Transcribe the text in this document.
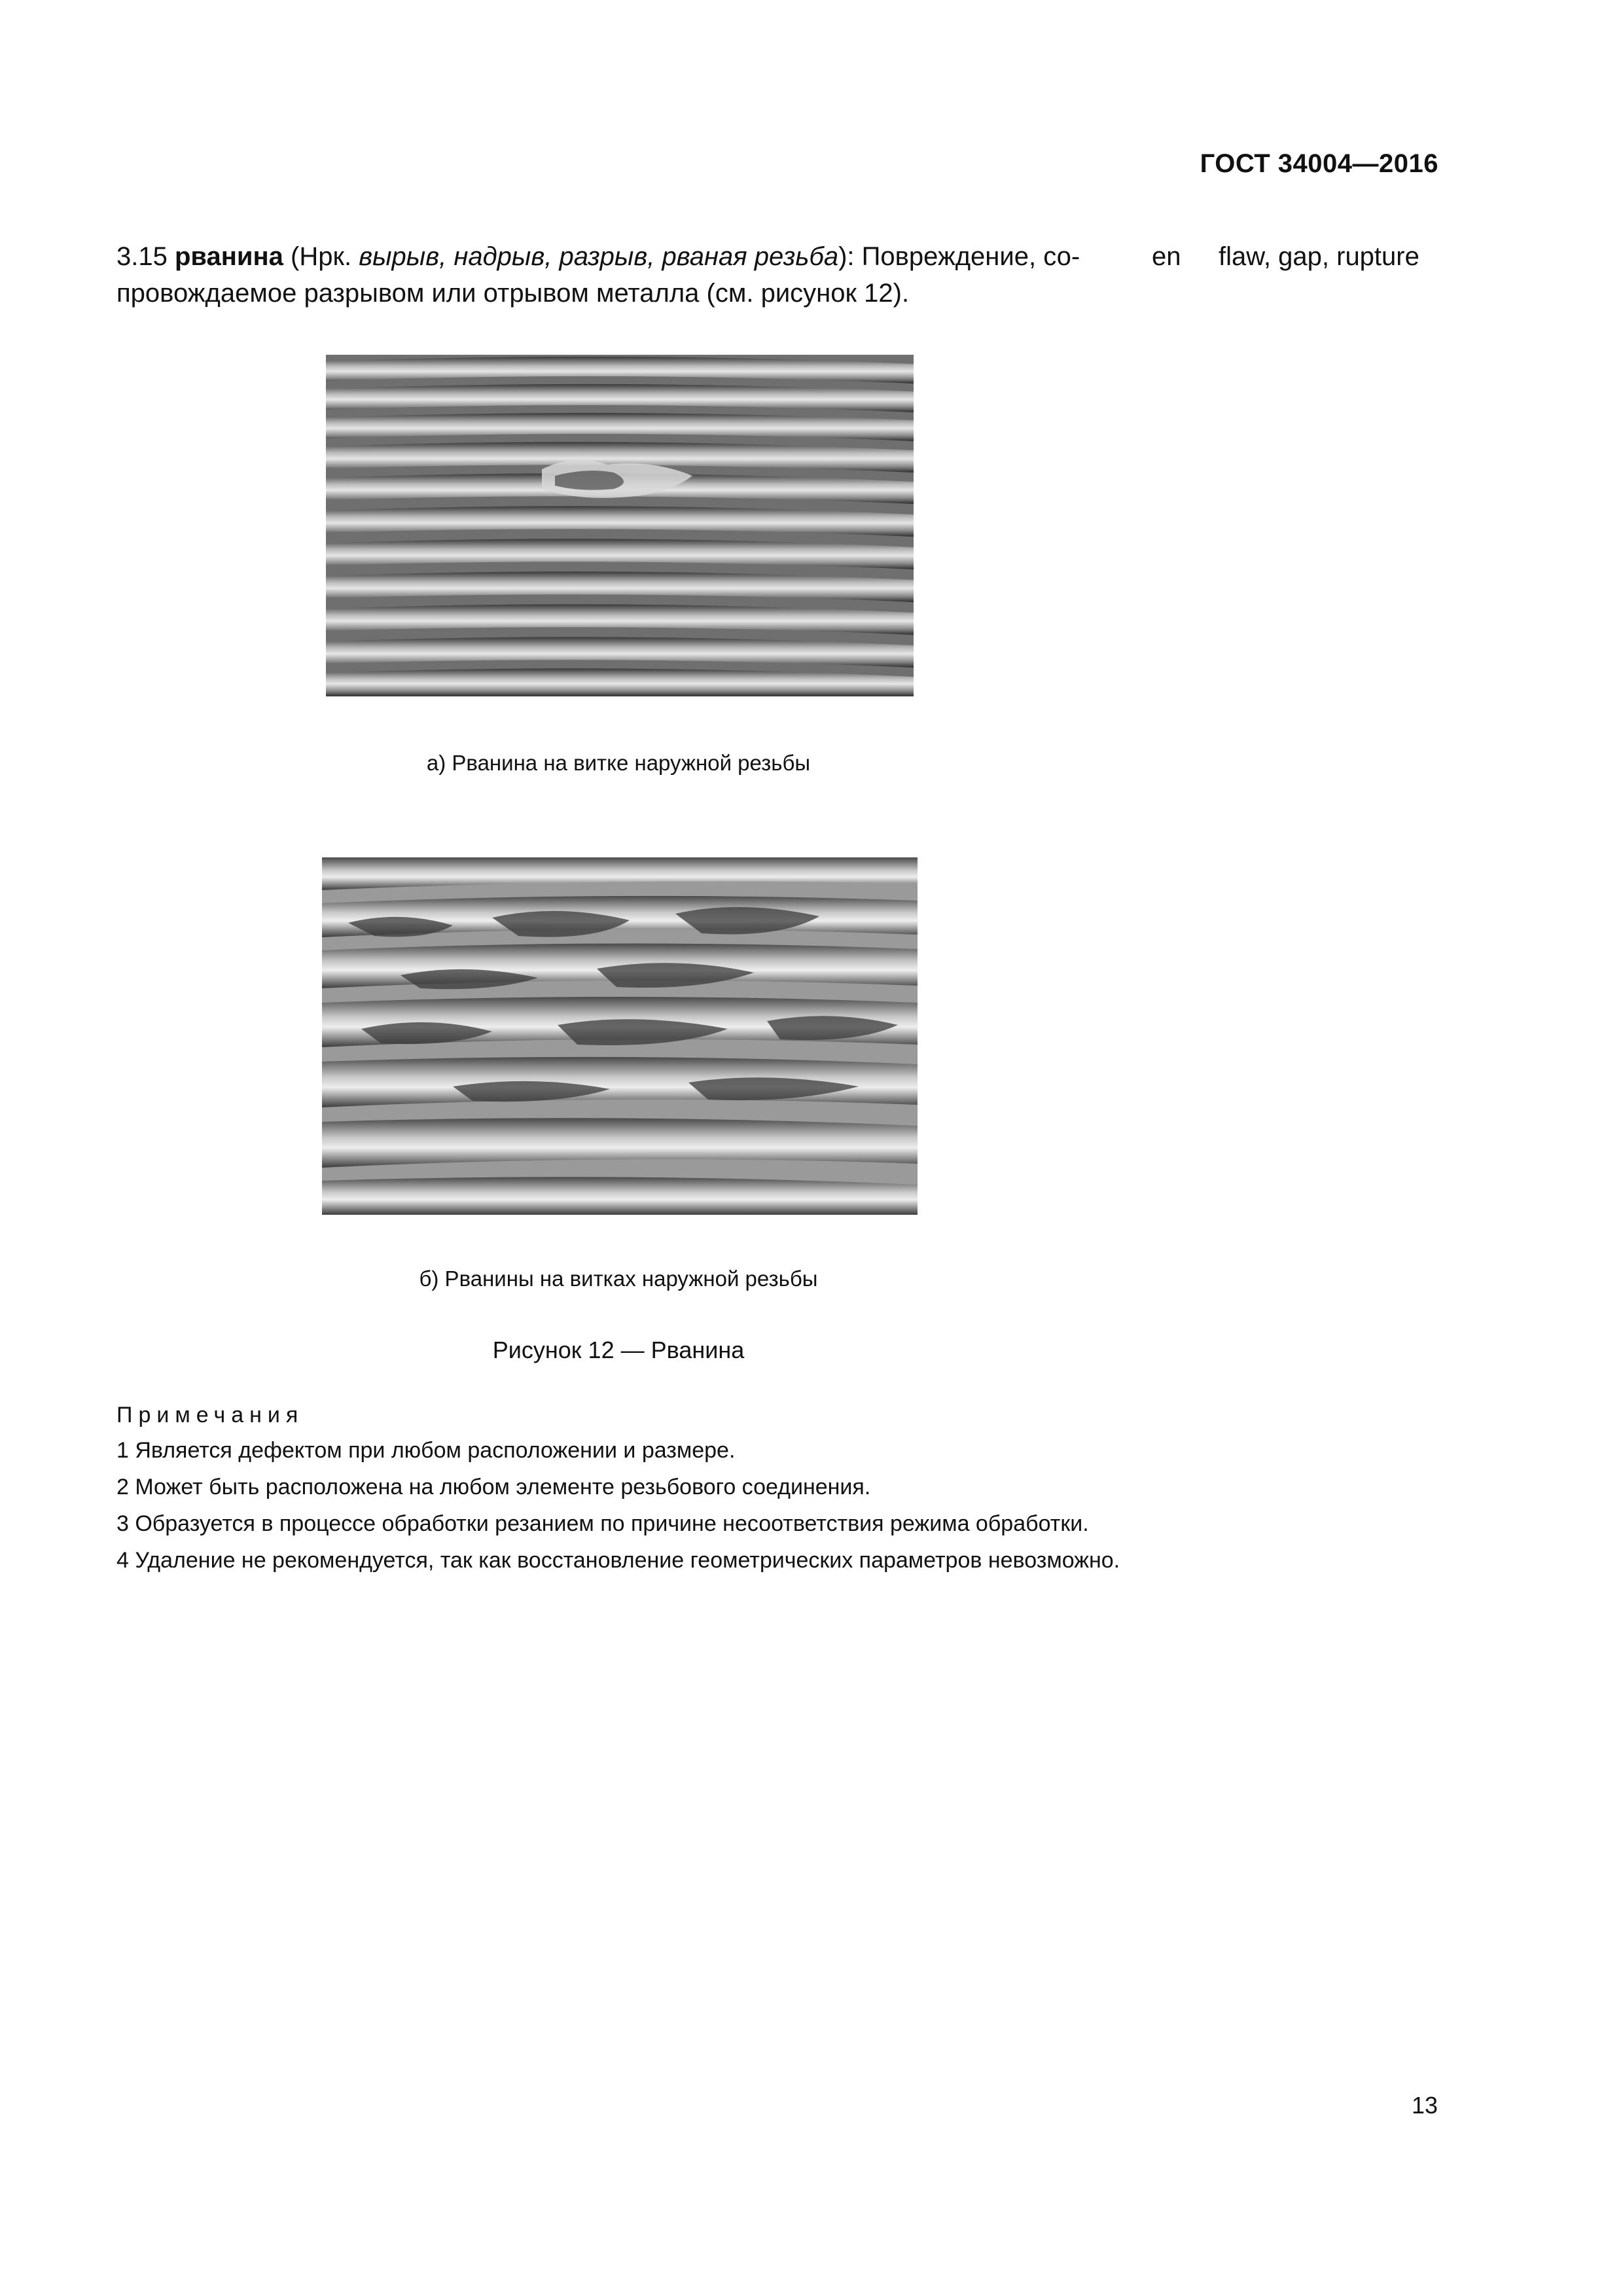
ГОСТ 34004—2016
3.15 рванина (Нрк. вырыв, надрыв, разрыв, рваная резьба): Повреждение, со-
провождаемое разрывом или отрывом металла (см. рисунок 12).
en flaw, gap, rupture
а) Рванина на витке наружной резьбы
б) Рванины на витках наружной резьбы
Рисунок 12 — Рванина
Примечания
1 Является дефектом при любом расположении и размере.
2 Может быть расположена на любом элементе резьбового соединения.
3 Образуется в процессе обработки резанием по причине несоответствия режима обработки.
4 Удаление не рекомендуется, так как восстановление геометрических параметров невозможно.
13
